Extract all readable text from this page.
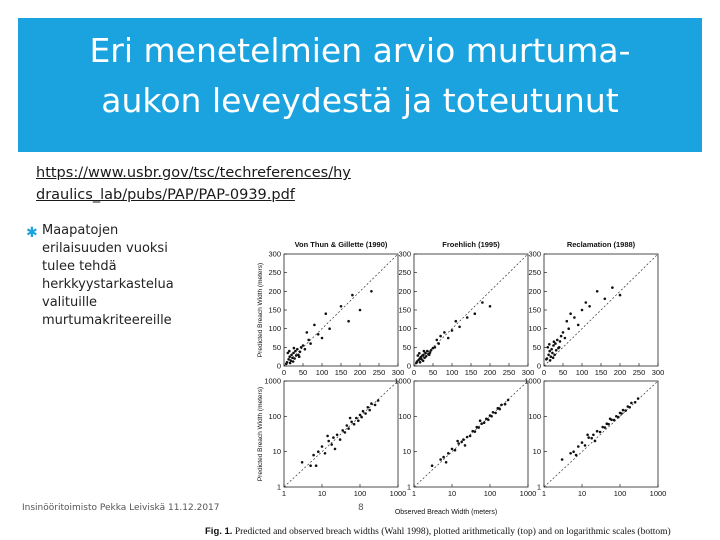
Eri menetelmien arvio murtuma-
aukon leveydestä ja toteutunut
https://www.usbr.gov/tsc/techreferences/hy
draulics_lab/pubs/PAP/PAP-0939.pdf
✱ Maapatojen
erilaisuuden vuoksi
tulee tehdä
herkkyystarkastelua
valituille
murtumakriteereille
0
0
50
50
100
100
150
150
200
200
250
250
300
300
Von Thun & Gillette (1990)
Predicted Breach Width (meters)
0
0
50
50
100
100
150
150
200
200
250
250
300
300
Froehlich (1995)
0
0
50
50
100
100
150
150
200
200
250
250
300
300
Reclamation (1988)
1
1
10
10
100
100
1000
1000
Predicted Breach Width (meters)
1
1
10
10
100
100
1000
1000
Observed Breach Width (meters)
1
1
10
10
100
100
1000
1000
Insinööritoimisto Pekka Leiviskä 11.12.2017	8
Fig. 1. Predicted and observed breach widths (Wahl 1998), plotted arithmetically (top) and on logarithmic scales (bottom)
